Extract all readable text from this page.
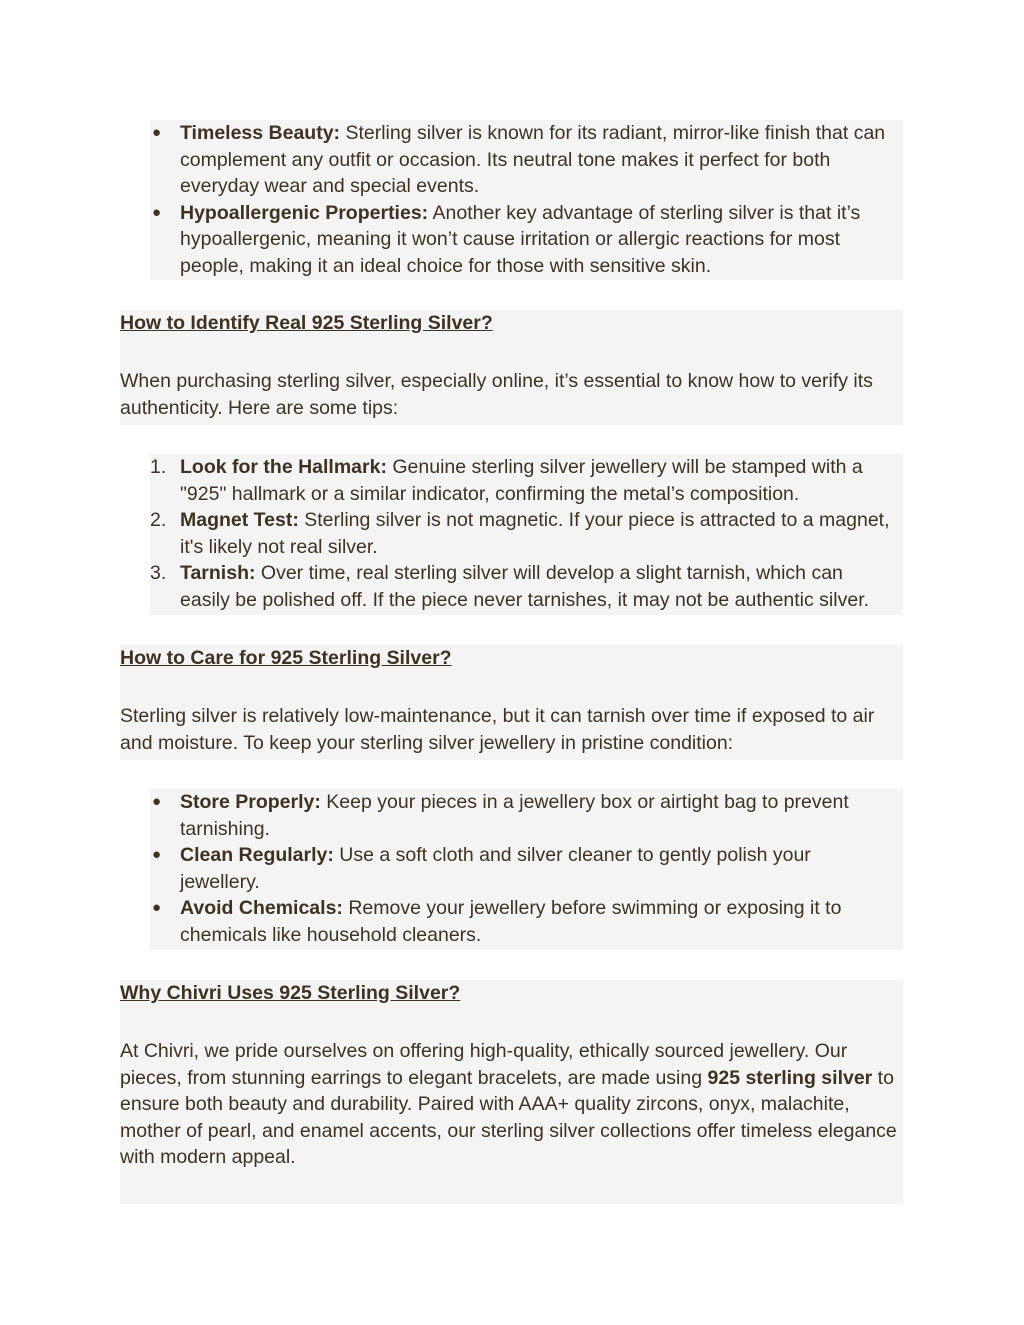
● Timeless Beauty: Sterling silver is known for its radiant, mirror-like finish that can complement any outfit or occasion. Its neutral tone makes it perfect for both everyday wear and special events.
● Hypoallergenic Properties: Another key advantage of sterling silver is that it’s hypoallergenic, meaning it won’t cause irritation or allergic reactions for most people, making it an ideal choice for those with sensitive skin.

How to Identify Real 925 Sterling Silver?

When purchasing sterling silver, especially online, it’s essential to know how to verify its authenticity. Here are some tips:

1. Look for the Hallmark: Genuine sterling silver jewellery will be stamped with a "925" hallmark or a similar indicator, confirming the metal’s composition.
2. Magnet Test: Sterling silver is not magnetic. If your piece is attracted to a magnet, it's likely not real silver.
3. Tarnish: Over time, real sterling silver will develop a slight tarnish, which can easily be polished off. If the piece never tarnishes, it may not be authentic silver.

How to Care for 925 Sterling Silver?

Sterling silver is relatively low-maintenance, but it can tarnish over time if exposed to air and moisture. To keep your sterling silver jewellery in pristine condition:

● Store Properly: Keep your pieces in a jewellery box or airtight bag to prevent tarnishing.
● Clean Regularly: Use a soft cloth and silver cleaner to gently polish your jewellery.
● Avoid Chemicals: Remove your jewellery before swimming or exposing it to chemicals like household cleaners.

Why Chivri Uses 925 Sterling Silver?

At Chivri, we pride ourselves on offering high-quality, ethically sourced jewellery. Our pieces, from stunning earrings to elegant bracelets, are made using 925 sterling silver to ensure both beauty and durability. Paired with AAA+ quality zircons, onyx, malachite, mother of pearl, and enamel accents, our sterling silver collections offer timeless elegance with modern appeal.
